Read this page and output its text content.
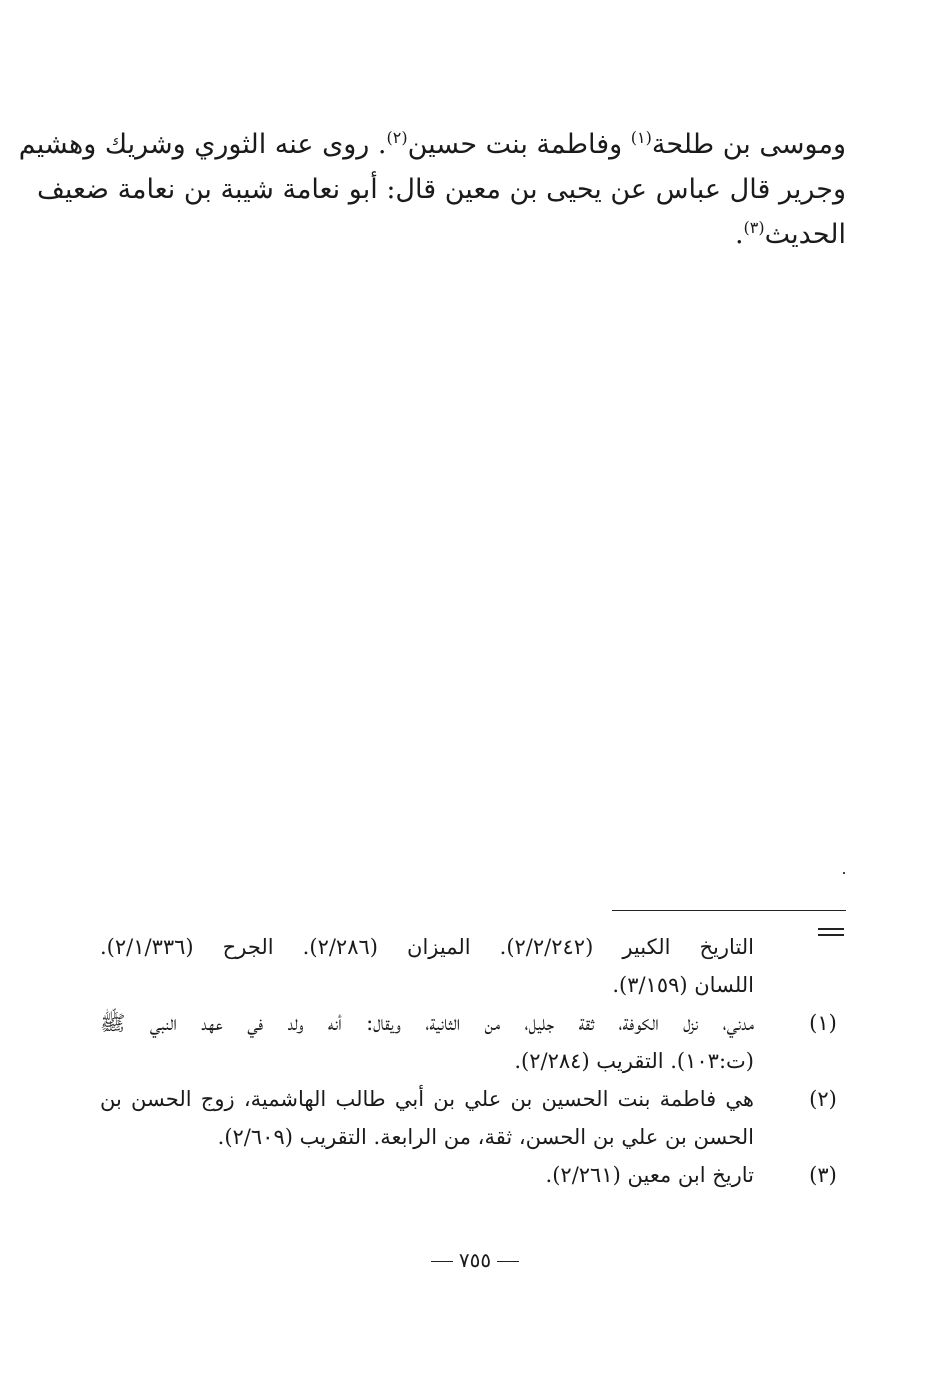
وموسى بن طلحة$^{(١)}$ وفاطمة بنت حسين$^{(٢)}$. روى عنه الثوري وشريك وهشيم
وجرير قال عباس عن يحيى بن معين قال: أبو نعامة شيبة بن نعامة ضعيف
الحديث$^{(٣)}$.
التاريخ الكبير (٢/٢/٢٤٢). الميزان (٢/٢٨٦). الجرح (٢/١/٣٣٦).
اللسان (٣/١٥٩).
(١)
مدني، نزل الكوفة، ثقة جليل، من الثانية، ويقال: أنه ولد في عهد النبي ﷺ
(ت:١٠٣). التقريب (٢/٢٨٤).
(٢)
هي فاطمة بنت الحسين بن علي بن أبي طالب الهاشمية، زوج الحسن بن
الحسن بن علي بن الحسن، ثقة، من الرابعة. التقريب (٢/٦٠٩).
(٣)
تاريخ ابن معين (٢/٢٦١).
٧٥٥
